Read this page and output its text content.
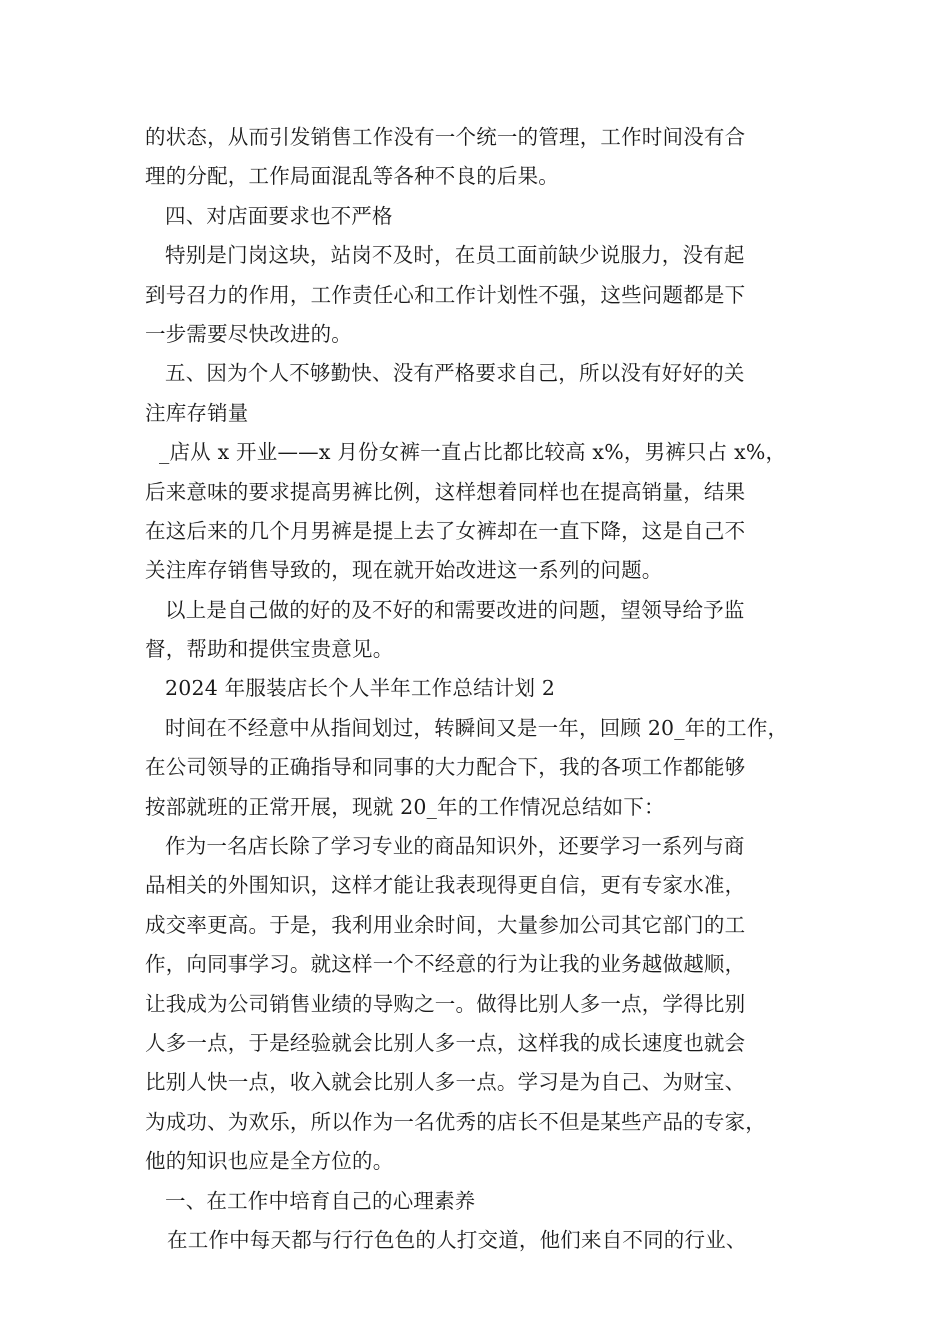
的状态，从而引发销售工作没有一个统一的管理，工作时间没有合
理的分配，工作局面混乱等各种不良的后果。
四、对店面要求也不严格
特别是门岗这块，站岗不及时，在员工面前缺少说服力，没有起
到号召力的作用，工作责任心和工作计划性不强，这些问题都是下
一步需要尽快改进的。
五、因为个人不够勤快、没有严格要求自己，所以没有好好的关
注库存销量
_店从 x 开业——x 月份女裤一直占比都比较高 x%，男裤只占 x%，
后来意味的要求提高男裤比例，这样想着同样也在提高销量，结果
在这后来的几个月男裤是提上去了女裤却在一直下降，这是自己不
关注库存销售导致的，现在就开始改进这一系列的问题。
以上是自己做的好的及不好的和需要改进的问题，望领导给予监
督，帮助和提供宝贵意见。
2024 年服装店长个人半年工作总结计划 2
时间在不经意中从指间划过，转瞬间又是一年，回顾 20_年的工作，
在公司领导的正确指导和同事的大力配合下，我的各项工作都能够
按部就班的正常开展，现就 20_年的工作情况总结如下：
作为一名店长除了学习专业的商品知识外，还要学习一系列与商
品相关的外围知识，这样才能让我表现得更自信，更有专家水准，
成交率更高。于是，我利用业余时间，大量参加公司其它部门的工
作，向同事学习。就这样一个不经意的行为让我的业务越做越顺，
让我成为公司销售业绩的导购之一。做得比别人多一点，学得比别
人多一点，于是经验就会比别人多一点，这样我的成长速度也就会
比别人快一点，收入就会比别人多一点。学习是为自己、为财宝、
为成功、为欢乐，所以作为一名优秀的店长不但是某些产品的专家，
他的知识也应是全方位的。
一、在工作中培育自己的心理素养
在工作中每天都与行行色色的人打交道，他们来自不同的行业、
